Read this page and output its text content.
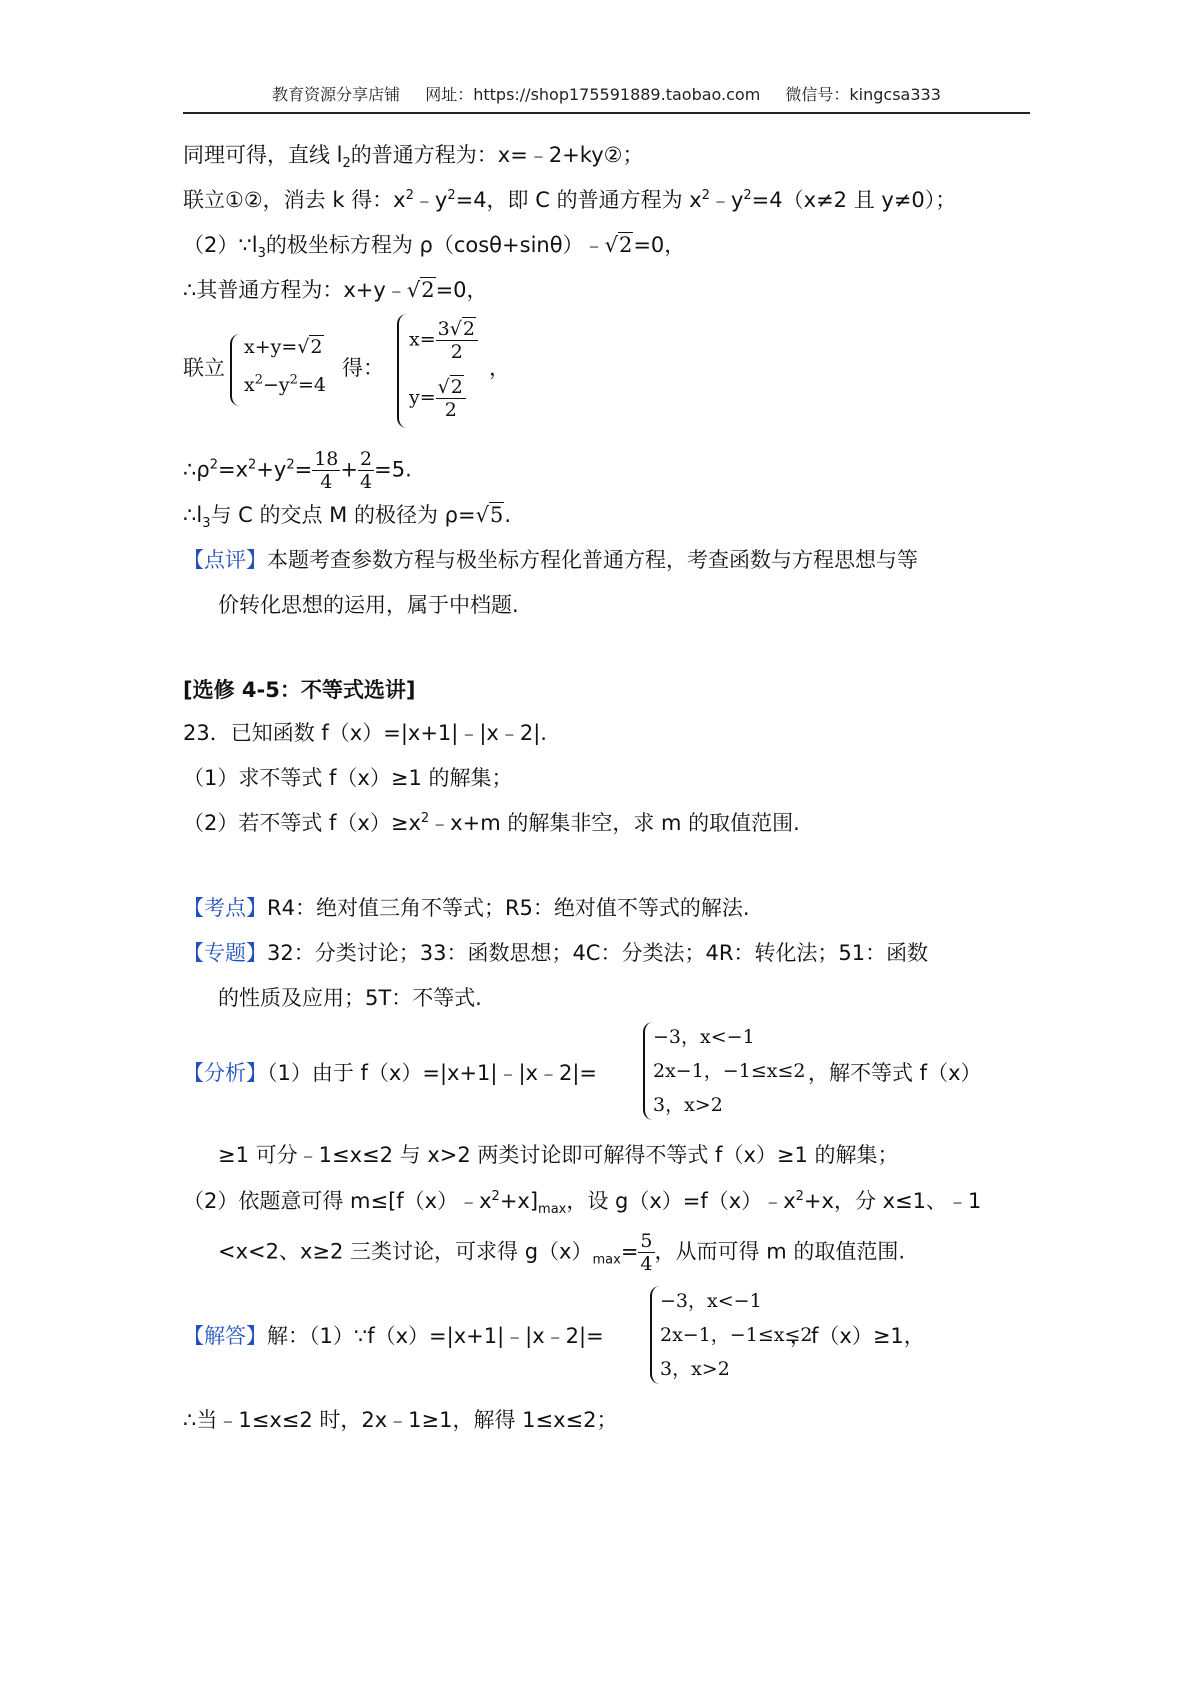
教育资源分享店铺 网址：https://shop175591889.taobao.com 微信号：kingcsa333
同理可得，直线 $l_2$的普通方程为：x=﹣2+ky②；
联立①②，消去 k 得：$x^2﹣y^2=4$，即 C 的普通方程为 $x^2﹣y^2=4(x\ne 2$ 且 y≠0）；
$(2)\because l_3$的极坐标方程为 ρ（cosθ+sinθ）﹣√2=0，
∴其普通方程为：x+y﹣√2=0，
联立
x+y=√2
$x^2-y^2=4$
得：
$x= \frac{3√2}{2}$
$y= \frac{√2}{2}$
，
$\therefore\rho^2=x^2+y^2= \frac{18}{4} + \frac{2}{4} =5$.
$\therefore l_3$与 C 的交点 M 的极径为 ρ=√5.
【点评】本题考查参数方程与极坐标方程化普通方程，考查函数与方程思想与等
价转化思想的运用，属于中档题.
[选修 4-5：不等式选讲]
23．已知函数 f（x）=|x+1|﹣|x﹣2|.
（1）求不等式 f（x）≥1 的解集；
（2）若不等式 $f(x)\ge x^2﹣x+m$ 的解集非空，求 m 的取值范围.
【考点】R4：绝对值三角不等式；R5：绝对值不等式的解法.
【专题】32：分类讨论；33：函数思想；4C：分类法；4R：转化法；51：函数
的性质及应用；5T：不等式.
【分析】（1）由于 f（x）=|x+1|﹣|x﹣2|=
−3，x<−1
2x−1，−1≤x≤2
3，x>2
，解不等式 f（x）
≥1 可分﹣1≤x≤2 与 x>2 两类讨论即可解得不等式 f（x）≥1 的解集；
（2）依题意可得 $m\le[f(x)﹣x^2+x]_{max}$，设 $g(x)=f(x)﹣x^2+x$，分 x≤1、﹣1
<x<2、x≥2 三类讨论，可求得 $g(x)_{max}= \frac{5}{4}$ ，从而可得 m 的取值范围.
【解答】解：（1）∵f（x）=|x+1|﹣|x﹣2|=
−3，x<−1
2x−1，−1≤x≤2
3，x>2
，f（x）≥1，
∴当﹣1≤x≤2 时，2x﹣1≥1，解得 1≤x≤2；
